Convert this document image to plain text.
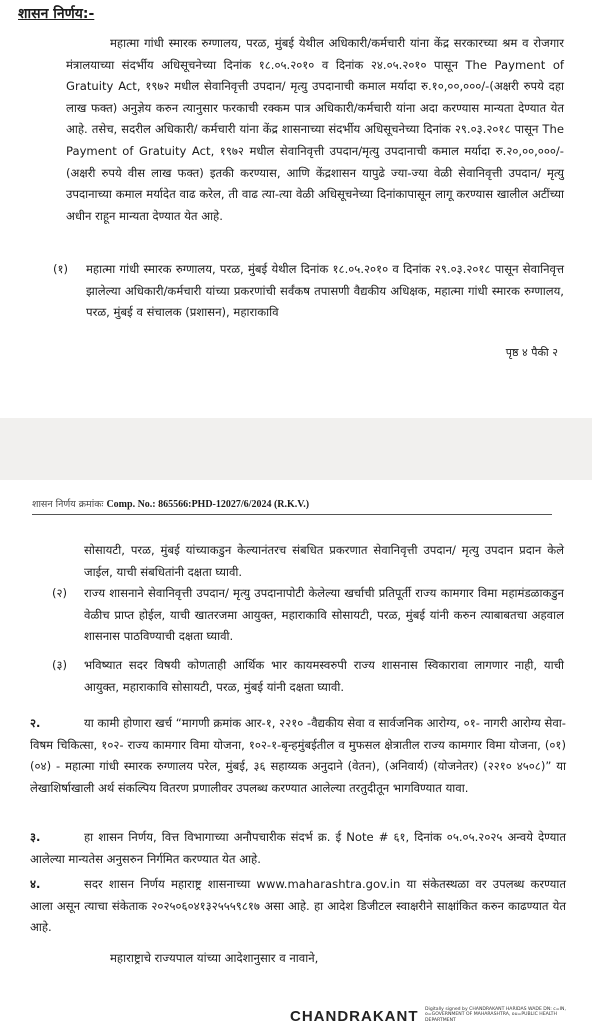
शासन निर्णय:-

महात्मा गांधी स्मारक रुग्णालय, परळ, मुंबई येथील अधिकारी/कर्मचारी यांना केंद्र सरकारच्या श्रम व रोजगार मंत्रालयाच्या संदर्भीय अधिसूचनेच्या दिनांक १८.०५.२०१० व दिनांक २४.०५.२०१० पासून The Payment of Gratuity Act, १९७२ मधील सेवानिवृत्ती उपदान/ मृत्यु उपदानाची कमाल मर्यादा रु.१०,००,०००/-(अक्षरी रुपये दहा लाख फक्त) अनुज्ञेय करुन त्यानुसार फरकाची रक्कम पात्र अधिकारी/कर्मचारी यांना अदा करण्यास मान्यता देण्यात येत आहे. तसेच, सदरील अधिकारी/ कर्मचारी यांना केंद्र शासनाच्या संदर्भीय अधिसूचनेच्या दिनांक २९.०३.२०१८ पासून The Payment of Gratuity Act, १९७२ मधील सेवानिवृत्ती उपदान/मृत्यु उपदानाची कमाल मर्यादा रु.२०,००,०००/- (अक्षरी रुपये वीस लाख फक्त) इतकी करण्यास, आणि केंद्रशासन यापुढे ज्या-ज्या वेळी सेवानिवृत्ती उपदान/ मृत्यु उपदानाच्या कमाल मर्यादेत वाढ करेल, ती वाढ त्या-त्या वेळी अधिसूचनेच्या दिनांकापासून लागू करण्यास खालील अटींच्या अधीन राहून मान्यता देण्यात येत आहे.

(१) महात्मा गांधी स्मारक रुग्णालय, परळ, मुंबई येथील दिनांक १८.०५.२०१० व दिनांक २९.०३.२०१८ पासून सेवानिवृत्त झालेल्या अधिकारी/कर्मचारी यांच्या प्रकरणांची सर्वंकष तपासणी वैद्यकीय अधिक्षक, महात्मा गांधी स्मारक रुग्णालय, परळ, मुंबई व संचालक (प्रशासन), महाराकावि

पृष्ठ ४ पैकी २
शासन निर्णय क्रमांकः Comp. No.: 865566:PHD-12027/6/2024 (R.K.V.)

सोसायटी, परळ, मुंबई यांच्याकडुन केल्यानंतरच संबधित प्रकरणात सेवानिवृत्ती उपदान/ मृत्यु उपदान प्रदान केले जाईल, याची संबधितांनी दक्षता घ्यावी.

(२) राज्य शासनाने सेवानिवृत्ती उपदान/ मृत्यु उपदानापोटी केलेल्या खर्चाची प्रतिपूर्ती राज्य कामगार विमा महामंडळाकडुन वेळीच प्राप्त होईल, याची खातरजमा आयुक्त, महाराकावि सोसायटी, परळ, मुंबई यांनी करुन त्याबाबतचा अहवाल शासनास पाठविण्याची दक्षता घ्यावी.

(३) भविष्यात सदर विषयी कोणताही आर्थिक भार कायमस्वरुपी राज्य शासनास स्विकारावा लागणार नाही, याची आयुक्त, महाराकावि सोसायटी, परळ, मुंबई यांनी दक्षता घ्यावी.

२.	या कामी होणारा खर्च “मागणी क्रमांक आर-१, २२१० -वैद्यकीय सेवा व सार्वजनिक आरोग्य, ०१- नागरी आरोग्य सेवा- विषम चिकित्सा, १०२- राज्य कामगार विमा योजना, १०२-१-बृन्हमुंबईतील व मुफसल क्षेत्रातील राज्य कामगार विमा योजना, (०१) (०४) - महात्मा गांधी स्मारक रुग्णालय परेल, मुंबई, ३६ सहाय्यक अनुदाने (वेतन), (अनिवार्य) (योजनेतर) (२२१० ४५०८)” या लेखाशिर्षाखाली अर्थ संकल्पिय वितरण प्रणालीवर उपलब्ध करण्यात आलेल्या तरतुदीतून भागविण्यात यावा.

३.	हा शासन निर्णय, वित्त विभागाच्या अनौपचारीक संदर्भ क्र. ई Note # ६१, दिनांक ०५.०५.२०२५ अन्वये देण्यात आलेल्या मान्यतेस अनुसरुन निर्गमित करण्यात येत आहे.

४.	सदर शासन निर्णय महाराष्ट्र शासनाच्या www.maharashtra.gov.in या संकेतस्थळा वर उपलब्ध करण्यात आला असून त्याचा संकेताक २०२५०६०४१३२५५५९८१७ असा आहे. हा आदेश डिजीटल स्वाक्षरीने साक्षांकित करुन काढण्यात येत आहे.

महाराष्ट्राचे राज्यपाल यांच्या आदेशानुसार व नावाने,
CHANDRAKANT Digitally signed by CHANDRAKANT HARIDAS WADE DN: c=IN, o=GOVERNMENT OF MAHARASHTRA, ou=PUBLIC HEALTH DEPARTMENT
